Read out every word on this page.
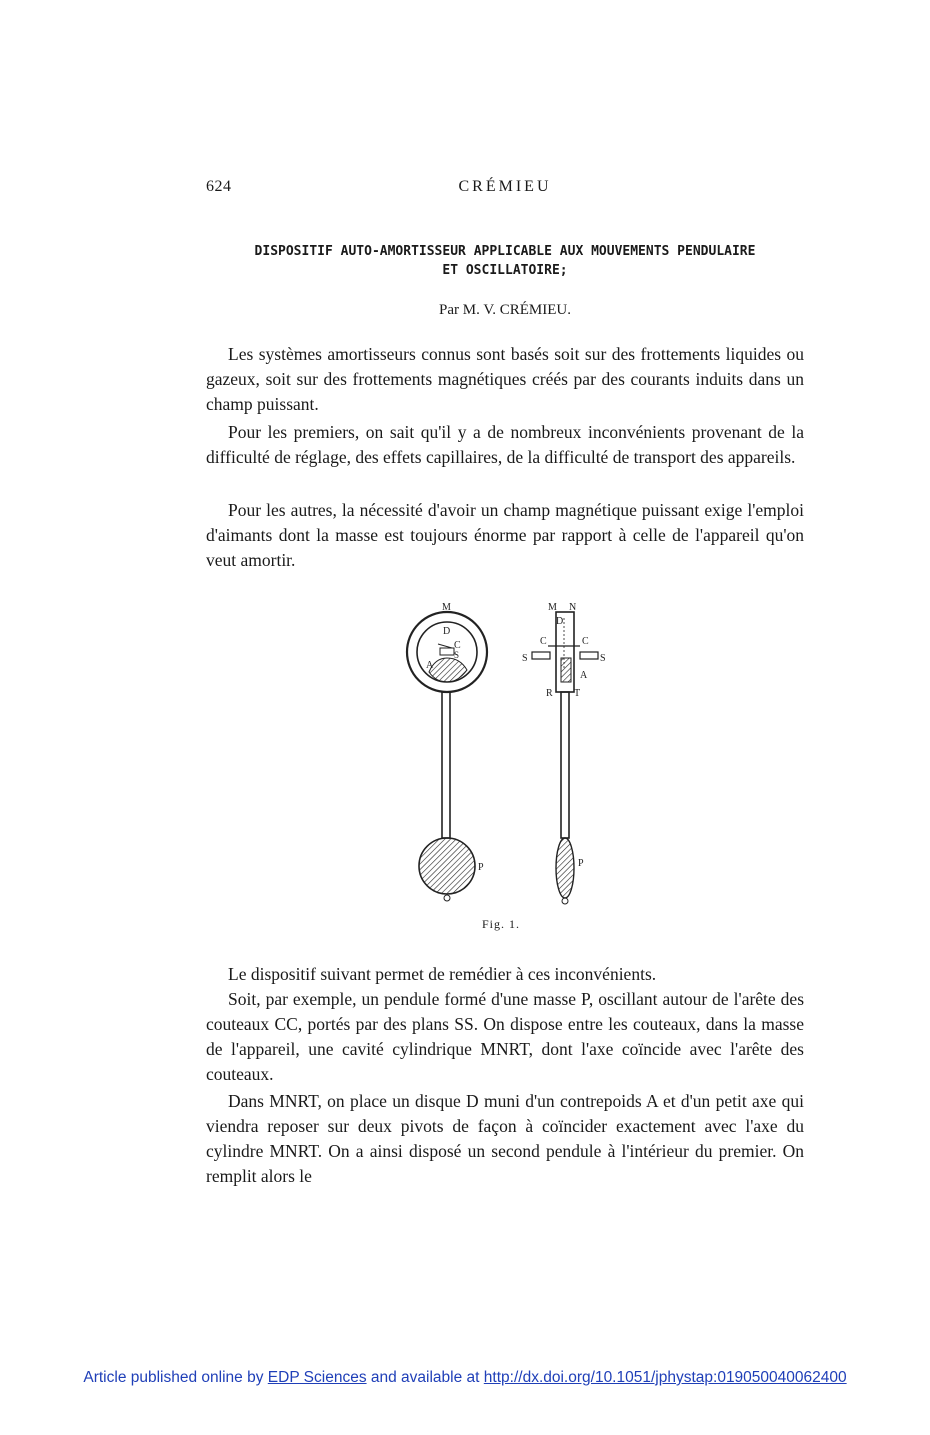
624	CRÉMIEU
DISPOSITIF AUTO-AMORTISSEUR APPLICABLE AUX MOUVEMENTS PENDULAIRE
ET OSCILLATOIRE;
Par M. V. CRÉMIEU.

Les systèmes amortisseurs connus sont basés soit sur des frottements liquides ou gazeux, soit sur des frottements magnétiques créés par des courants induits dans un champ puissant.

Pour les premiers, on sait qu'il y a de nombreux inconvénients provenant de la difficulté de réglage, des effets capillaires, de la difficulté de transport des appareils.

Pour les autres, la nécessité d'avoir un champ magnétique puissant exige l'emploi d'aimants dont la masse est toujours énorme par rapport à celle de l'appareil qu'on veut amortir.

M
D
C
S
A
P
M N
D
C	C
S	S
A
R T
P
Fig. 1.

Le dispositif suivant permet de remédier à ces inconvénients.

Soit, par exemple, un pendule formé d'une masse P, oscillant autour de l'arête des couteaux CC, portés par des plans SS. On dispose entre les couteaux, dans la masse de l'appareil, une cavité cylindrique MNRT, dont l'axe coïncide avec l'arête des couteaux.

Dans MNRT, on place un disque D muni d'un contrepoids A et d'un petit axe qui viendra reposer sur deux pivots de façon à coïncider exactement avec l'axe du cylindre MNRT. On a ainsi disposé un second pendule à l'intérieur du premier. On remplit alors le

Article published online by EDP Sciences and available at http://dx.doi.org/10.1051/jphystap:019050040062400
